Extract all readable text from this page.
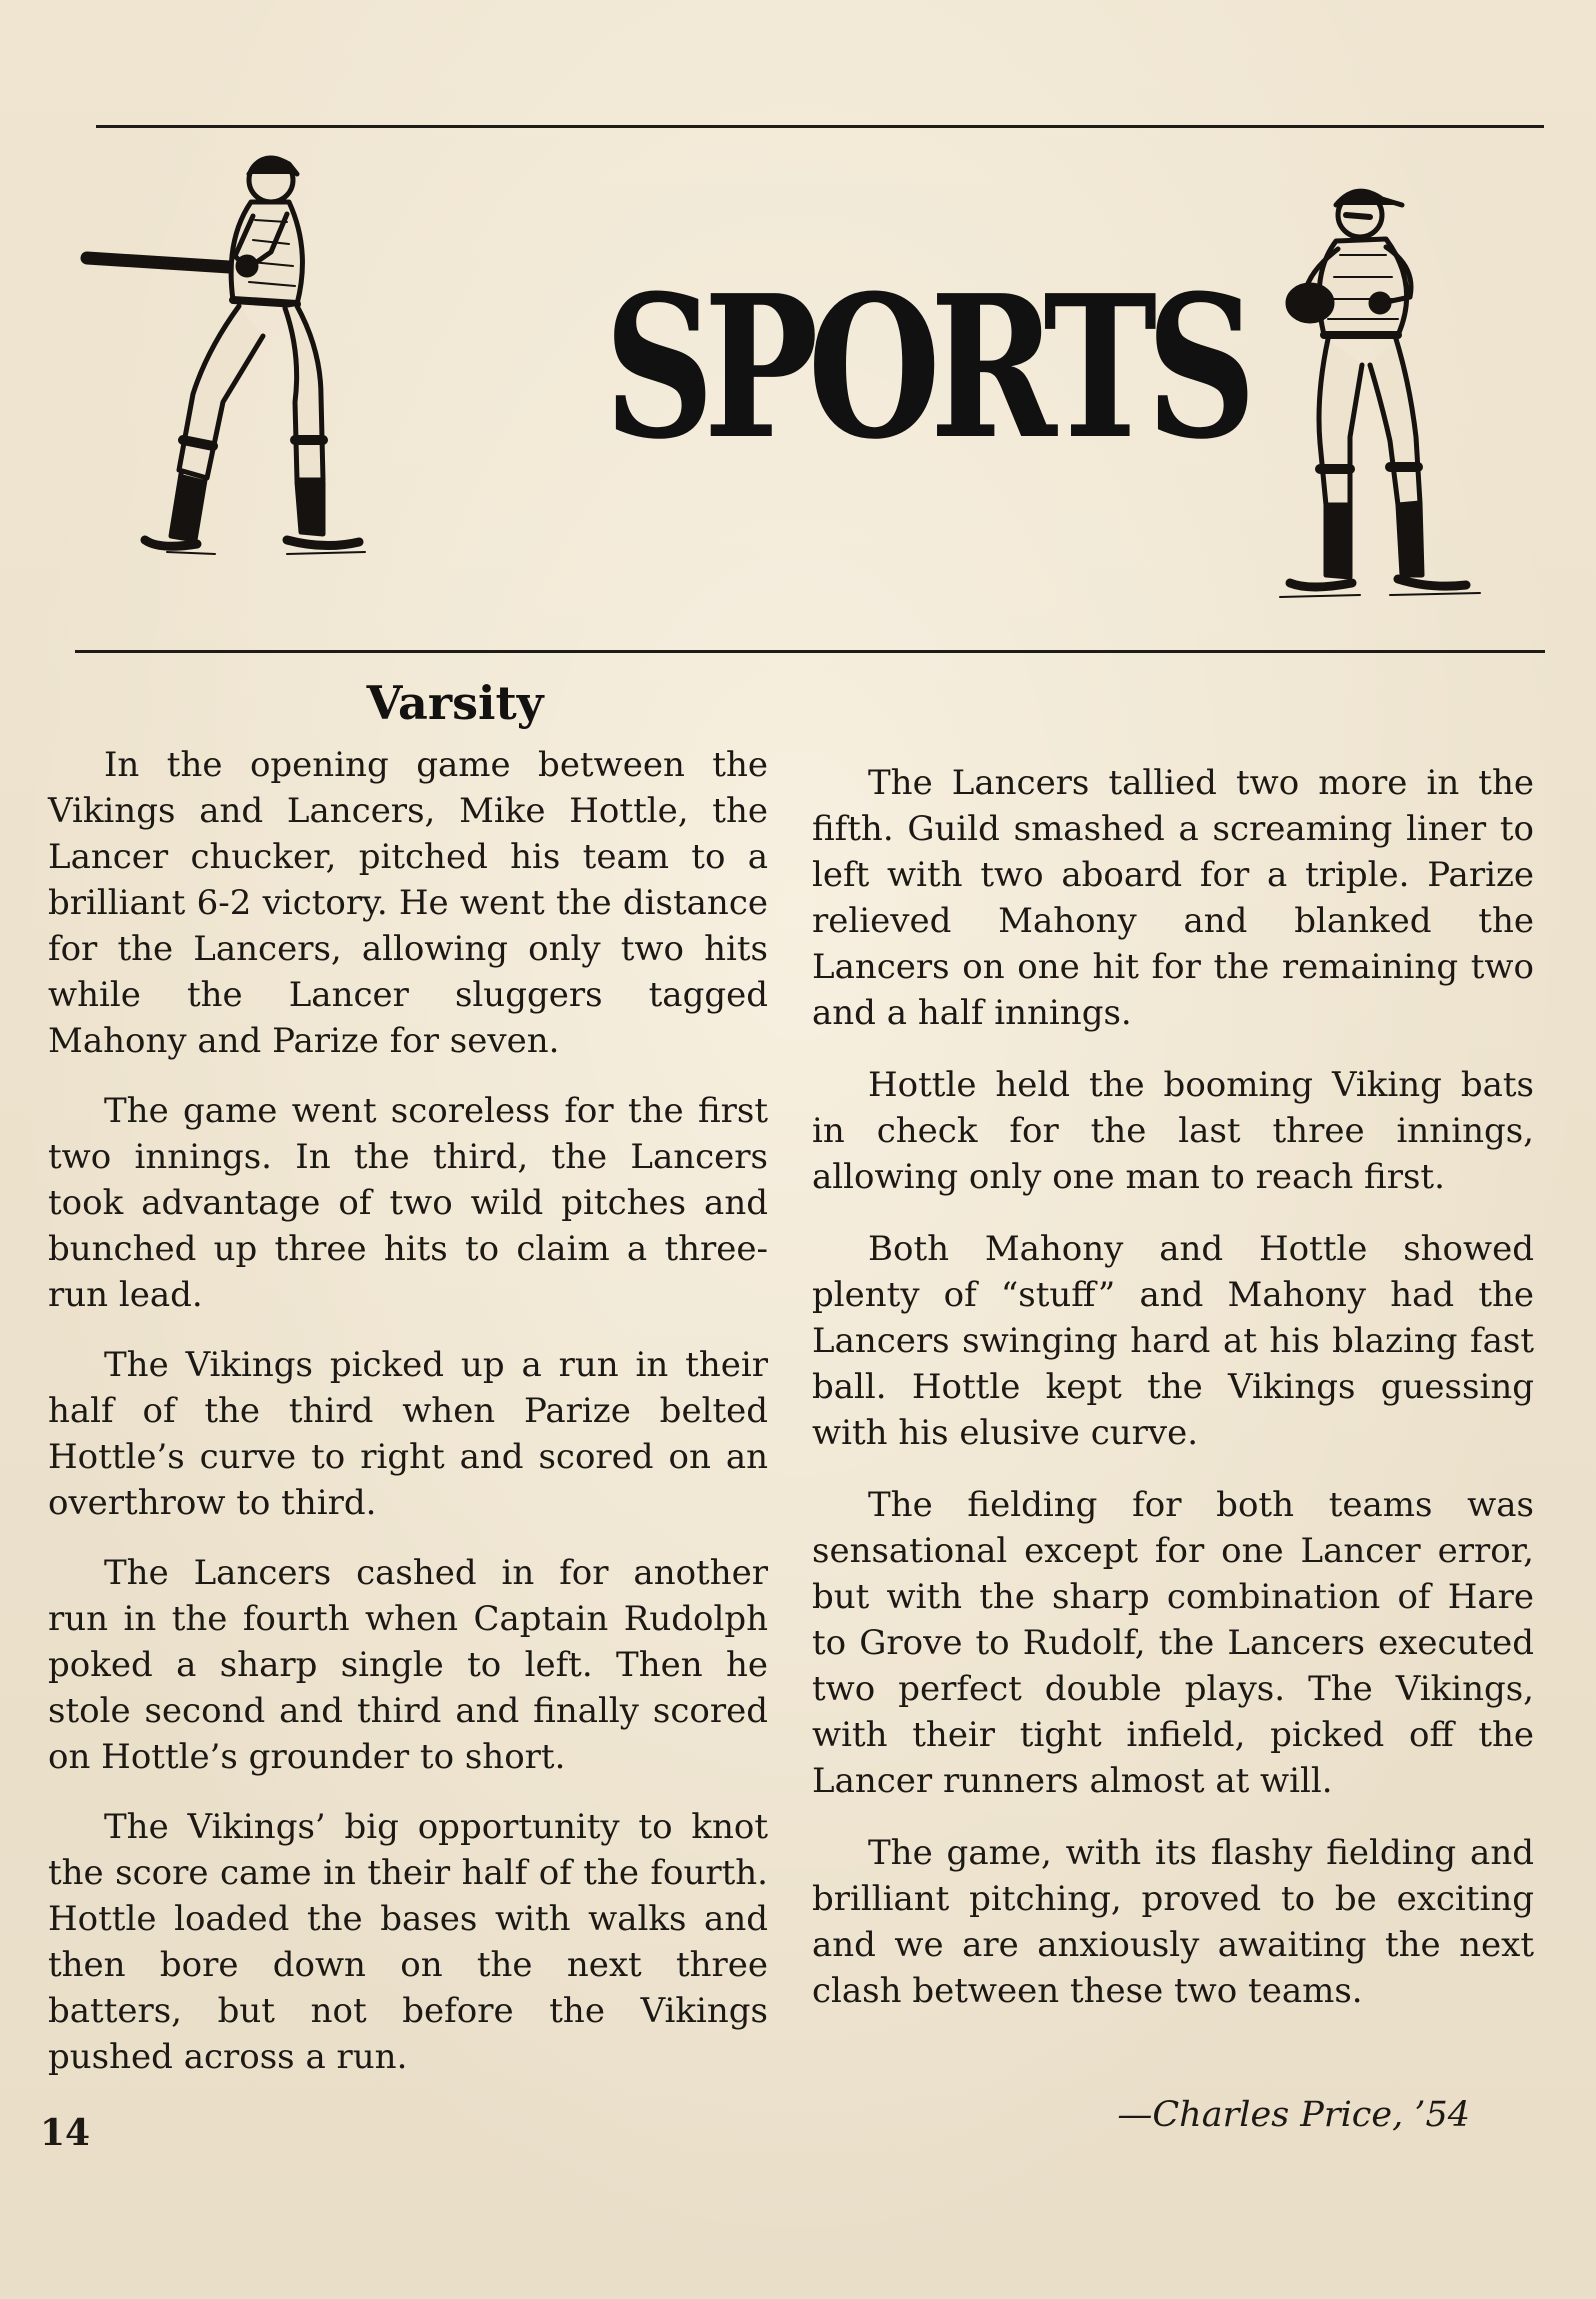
SPORTS
Varsity

In the opening game between the Vikings and Lancers, Mike Hottle, the Lancer chucker, pitched his team to a brilliant 6-2 victory. He went the distance for the Lancers, allowing only two hits while the Lancer sluggers tagged Mahony and Parize for seven.

The game went scoreless for the first two innings. In the third, the Lancers took advantage of two wild pitches and bunched up three hits to claim a three-run lead.

The Vikings picked up a run in their half of the third when Parize belted Hottle’s curve to right and scored on an overthrow to third.

The Lancers cashed in for another run in the fourth when Captain Rudolph poked a sharp single to left. Then he stole second and third and finally scored on Hottle’s grounder to short.

The Vikings’ big opportunity to knot the score came in their half of the fourth. Hottle loaded the bases with walks and then bore down on the next three batters, but not before the Vikings pushed across a run.

The Lancers tallied two more in the fifth. Guild smashed a screaming liner to left with two aboard for a triple. Parize relieved Mahony and blanked the Lancers on one hit for the remaining two and a half innings.

Hottle held the booming Viking bats in check for the last three innings, allowing only one man to reach first.

Both Mahony and Hottle showed plenty of “stuff” and Mahony had the Lancers swinging hard at his blazing fast ball. Hottle kept the Vikings guessing with his elusive curve.

The fielding for both teams was sensational except for one Lancer error, but with the sharp combination of Hare to Grove to Rudolf, the Lancers executed two perfect double plays. The Vikings, with their tight infield, picked off the Lancer runners almost at will.

The game, with its flashy fielding and brilliant pitching, proved to be exciting and we are anxiously awaiting the next clash between these two teams.

—Charles Price, ’54
14
